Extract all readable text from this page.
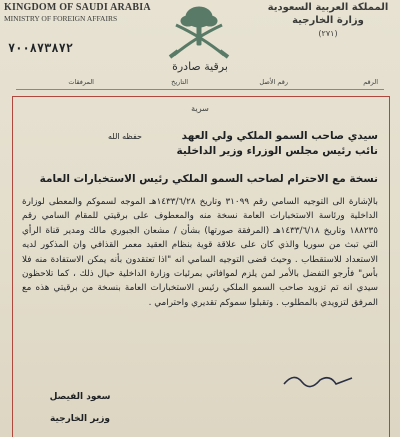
KINGDOM OF SAUDI ARABIA
MINISTRY OF FOREIGN AFFAIRS
٧٠٠٨٧٣٨٧٢
المملكة العربية السعودية
وزارة الخارجية
(٢٧١)
برقية صادرة
الرقم
رقم الأصل
التاريخ
المرفقات

سرية

سيدي صاحب السمو الملكي ولي العهد
حفظه الله
نائب رئيس مجلس الوزراء وزير الداخلية
نسخة مع الاحترام لصاحب السمو الملكي رئيس الاستخبارات العامة
بالإشارة الى التوجيه السامي رقم ٣١٠٩٩ وتاريخ ١٤٣٣/٦/٢٨هـ الموجه لسموكم والمعطى لوزارة الداخلية ورئاسة الاستخبارات العامة نسخة منه والمعطوف على برقيتي للمقام السامي رقم ١٨٨٢٣٥ وتاريخ ١٤٣٣/٦/١٨هـ (المرفقة صورتها) بشأن / مشعان الجبوري مالك ومدير قناة الرأي التي تبث من سوريا والذي كان على علاقة قوية بنظام العقيد معمر القذافي وان المذكور لديه الاستعداد للاستقطاب . وحيث قضى التوجيه السامي انه "اذا تعتقدون بأنه يمكن الاستفادة منه فلا بأس" فأرجو التفضل بالأمر لمن يلزم لموافاتي بمرئيات وزارة الداخلية حيال ذلك ، كما تلاحظون سيدي انه تم تزويد صاحب السمو الملكي رئيس الاستخبارات العامة بنسخة من برقيتي هذه مع المرفق لتزويدي بالمطلوب . وتقبلوا سموكم تقديري واحترامي .
سعود الفيصل
وزير الخارجية
